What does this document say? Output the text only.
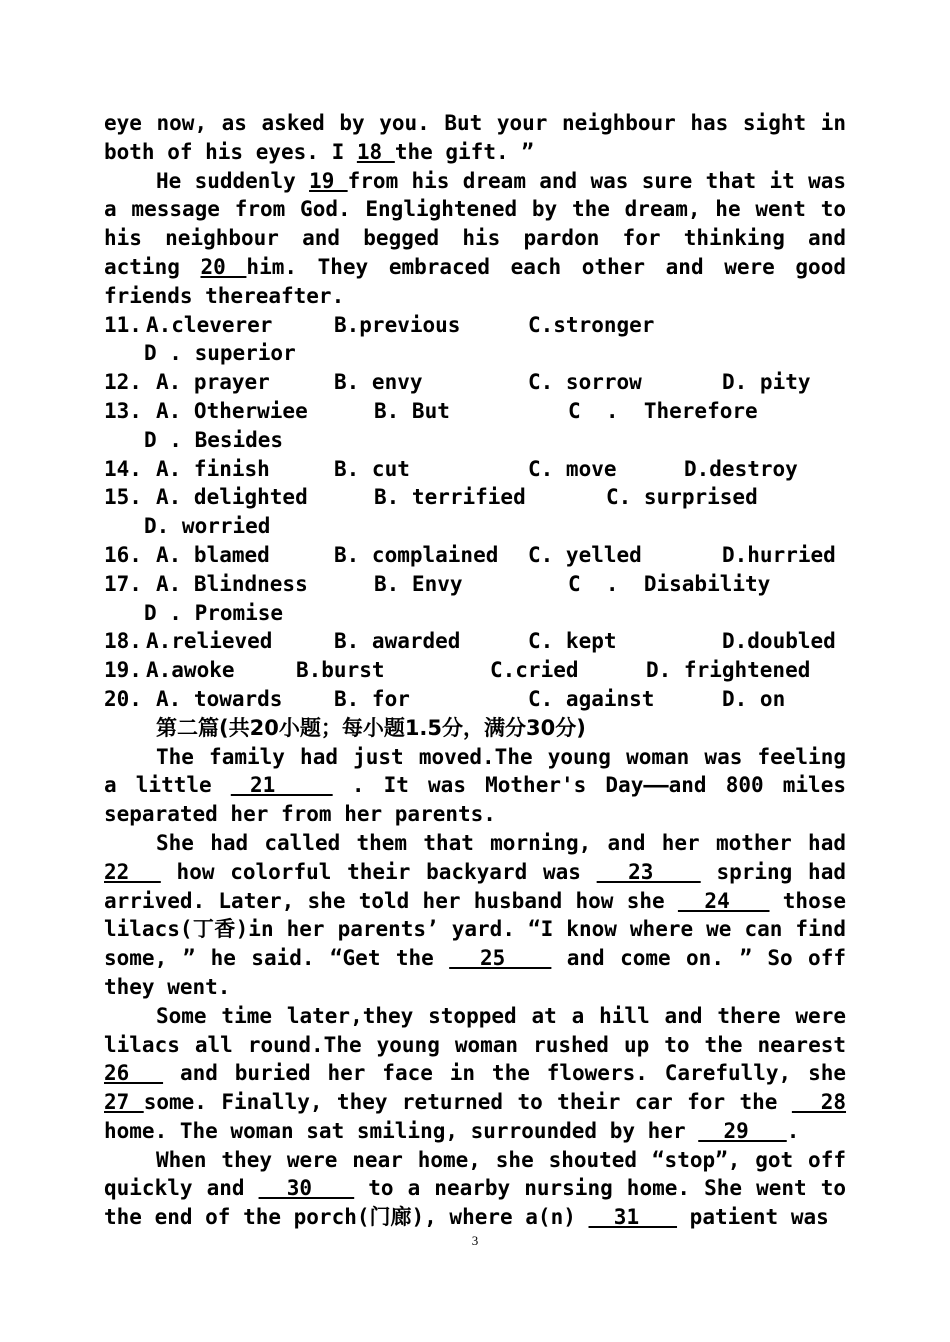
eye now, as asked by you. But your neighbour has sight in both of his eyes. I 18 the gift. ”

He suddenly 19 from his dream and was sure that it was a message from God. Englightened by the dream, he went to his neighbour and begged his pardon for thinking and acting 20 him. They embraced each other and were good friends thereafter.

11. A.cleverer	B.previous	C.stronger
D . superior
12. A. prayer	B. envy	C. sorrow	D. pity
13. A. Otherwiee	B. But	C  .  Therefore
D . Besides
14. A. finish	B. cut	C. move	D.destroy
15. A. delighted	B. terrified	C. surprised
D. worried
16. A. blamed	B. complained	C. yelled	D.hurried
17. A. Blindness	B. Envy	C  .  Disability
D . Promise
18. A.relieved	B. awarded	C. kept	D.doubled
19. A.awoke	B.burst	C.cried	D. frightened
20. A. towards	B. for	C. against	D. on

第二篇(共20小题；每小题1.5分，满分30分)

The family had just moved.The young woman was feeling a little  21    . It was Mother's Day——and 800 miles separated her from her parents.

She had called them that morning, and her mother had 22   how colorful their backyard was   23    spring had arrived. Later, she told her husband how she   24    those lilacs(丁香)in her parents’ yard. “I know where we can find some, ” he said. “Get the   25    and come on. ” So off they went.

Some time later,they stopped at a hill and there were lilacs all round.The young woman rushed up to the nearest 26   and buried her face in the flowers. Carefully, she 27 some. Finally, they returned to their car for the   28 home. The woman sat smiling, surrounded by her   29   .

When they were near home, she shouted “stop”, got off quickly and   30    to a nearby nursing home. She went to the end of the porch(门廊), where a(n)   31    patient was

3
